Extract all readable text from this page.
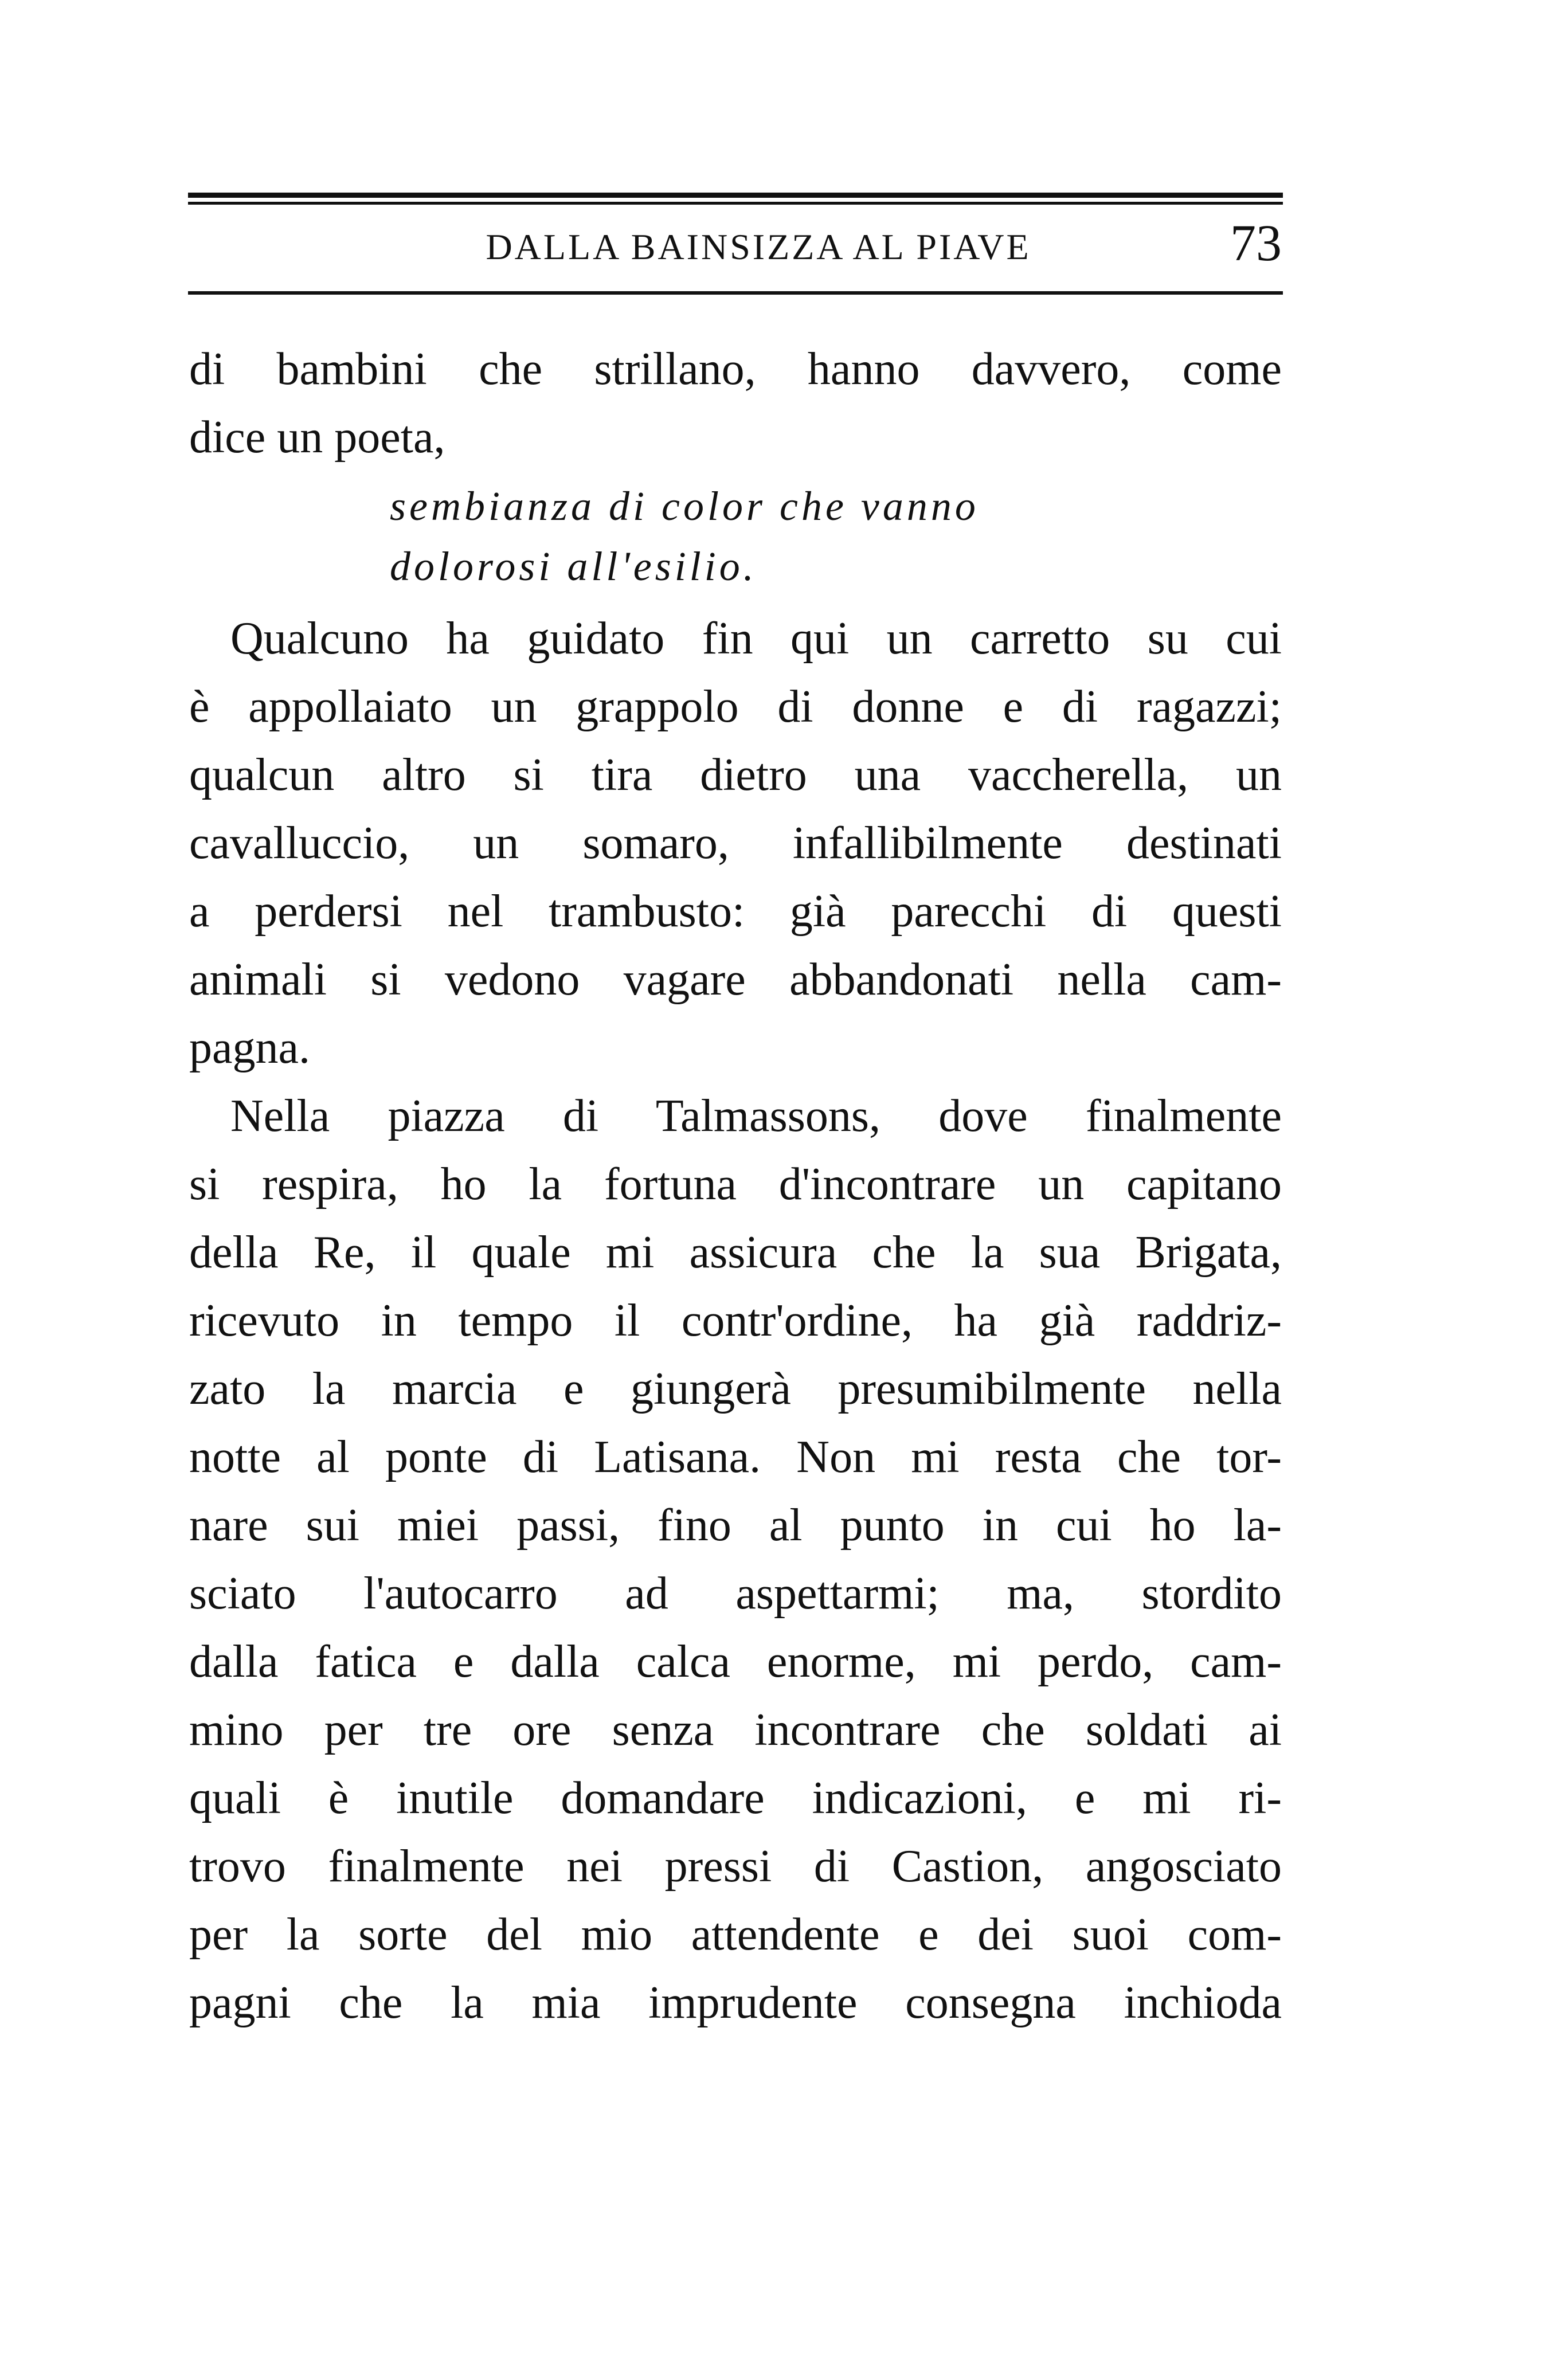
DALLA BAINSIZZA AL PIAVE	73
di bambini che strillano, hanno davvero, come
dice un poeta,
sembianza di color che vanno
dolorosi all'esilio.
Qualcuno ha guidato fin qui un carretto su cui
è appollaiato un grappolo di donne e di ragazzi;
qualcun altro si tira dietro una vaccherella, un
cavalluccio, un somaro, infallibilmente destinati
a perdersi nel trambusto: già parecchi di questi
animali si vedono vagare abbandonati nella cam-
pagna.
Nella piazza di Talmassons, dove finalmente
si respira, ho la fortuna d'incontrare un capitano
della Re, il quale mi assicura che la sua Brigata,
ricevuto in tempo il contr'ordine, ha già raddriz-
zato la marcia e giungerà presumibilmente nella
notte al ponte di Latisana. Non mi resta che tor-
nare sui miei passi, fino al punto in cui ho la-
sciato l'autocarro ad aspettarmi; ma, stordito
dalla fatica e dalla calca enorme, mi perdo, cam-
mino per tre ore senza incontrare che soldati ai
quali è inutile domandare indicazioni, e mi ri-
trovo finalmente nei pressi di Castion, angosciato
per la sorte del mio attendente e dei suoi com-
pagni che la mia imprudente consegna inchioda
